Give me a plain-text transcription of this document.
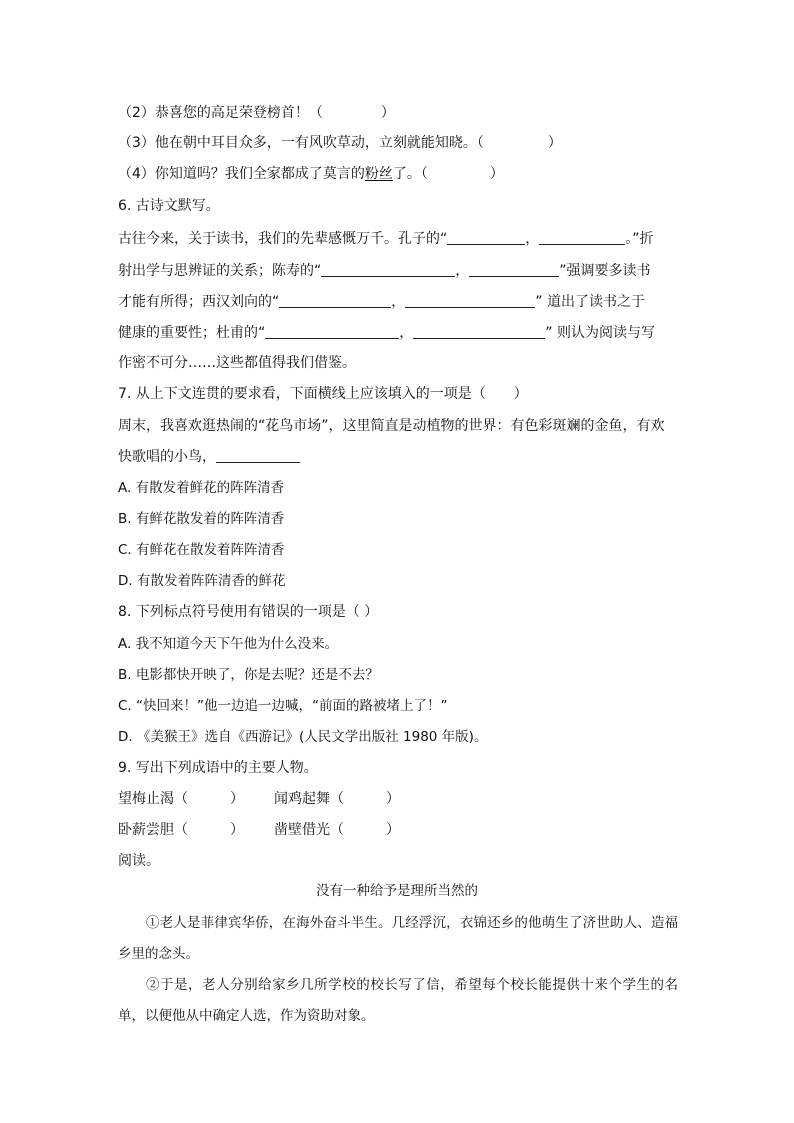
（2）恭喜您的高足荣登榜首！（	）
（3）他在朝中耳目众多，一有风吹草动，立刻就能知晓。（	）
（4）你知道吗？我们全家都成了莫言的粉丝了。（	）
6. 古诗文默写。
古往今来，关于读书，我们的先辈感慨万千。孔子的“	，	。”折
射出学与思辨证的关系；陈寿的“	，	”强调要多读书
才能有所得；西汉刘向的“	，	” 道出了读书之于
健康的重要性；杜甫的“	，	” 则认为阅读与写
作密不可分……这些都值得我们借鉴。
7. 从上下文连贯的要求看，下面横线上应该填入的一项是（　　）
周末，我喜欢逛热闹的“花鸟市场”，这里简直是动植物的世界：有色彩斑斓的金鱼，有欢
快歌唱的小鸟，
A. 有散发着鲜花的阵阵清香
B. 有鲜花散发着的阵阵清香
C. 有鲜花在散发着阵阵清香
D. 有散发着阵阵清香的鲜花
8. 下列标点符号使用有错误的一项是（ ）
A. 我不知道今天下午他为什么没来。
B. 电影都快开映了，你是去呢？还是不去？
C. “快回来！”他一边追一边喊，“前面的路被堵上了！”
D. 《美猴王》选自《西游记》(人民文学出版社 1980 年版)。
9. 写出下列成语中的主要人物。
望梅止渴（　　　） 闻鸡起舞（　　　）
卧薪尝胆（　　　） 凿壁借光（　　　）
阅读。
没有一种给予是理所当然的
①老人是菲律宾华侨，在海外奋斗半生。几经浮沉，衣锦还乡的他萌生了济世助人、造福乡里的念头。
②于是，老人分别给家乡几所学校的校长写了信，希望每个校长能提供十来个学生的名单，以便他从中确定人选，作为资助对象。
